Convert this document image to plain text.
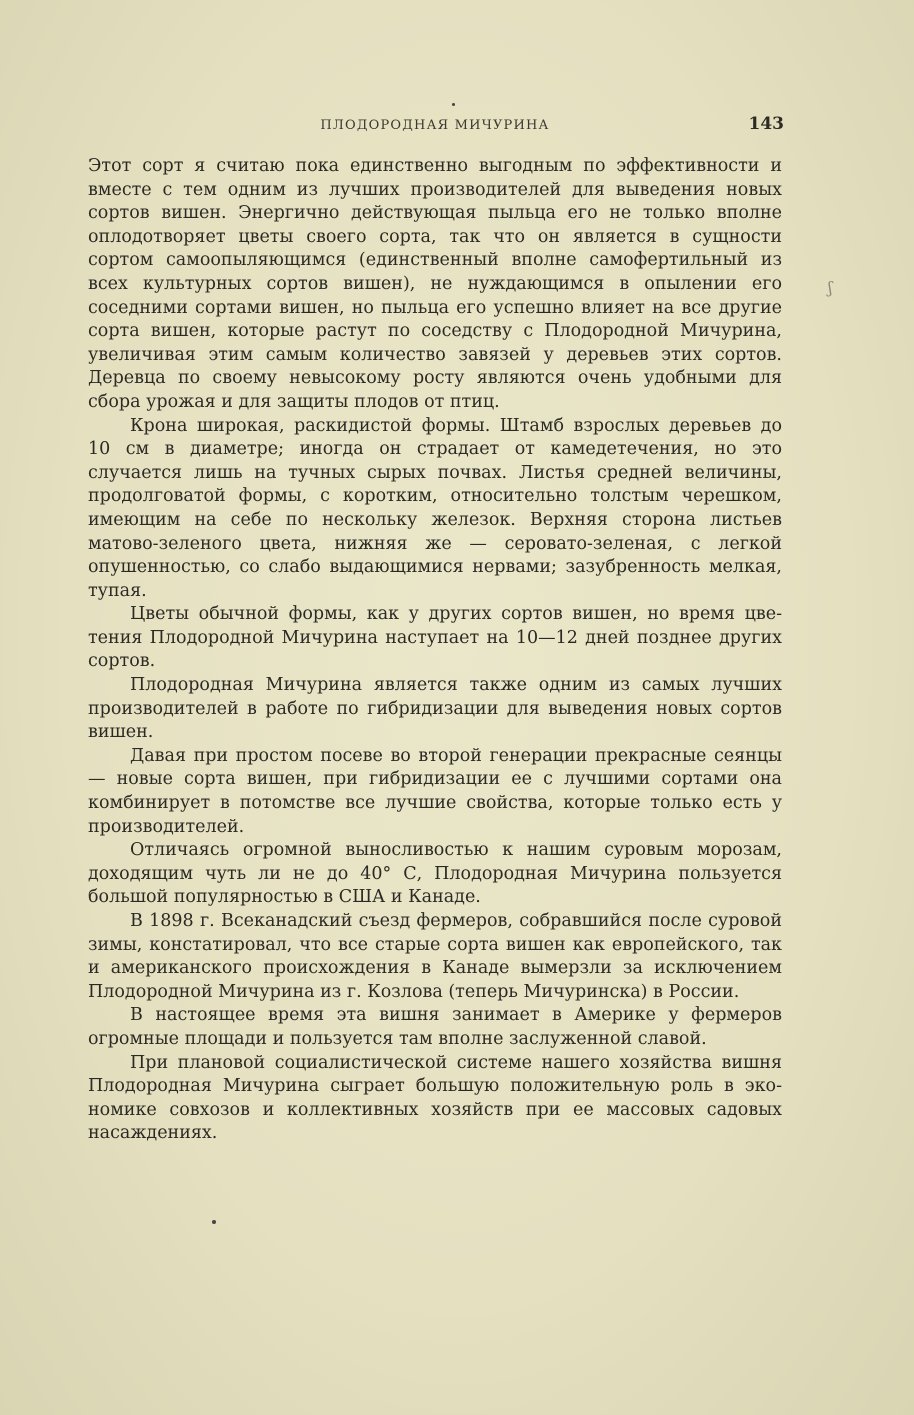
ПЛОДОРОДНАЯ МИЧУРИНА	143

Этот сорт я считаю пока единственно выгодным по эффективности и вместе с тем одним из лучших производителей для выведения новых сортов вишен. Энергично действующая пыльца его не только вполне оплодотворяет цветы своего сорта, так что он является в сущности сортом самоопыляющимся (единственный вполне самофертильный из всех культурных сортов вишен), не нуждающимся в опылении его соседними сортами вишен, но пыльца его успешно влияет на все другие сорта вишен, которые растут по соседству с Плодородной Мичурина, увеличивая этим самым количество завязей у деревьев этих сортов. Деревца по своему невысокому росту являются очень удобными для сбора урожая и для защиты плодов от птиц.

Крона широкая, раскидистой формы. Штамб взрослых деревьев до 10 см в диаметре; иногда он страдает от камедетечения, но это случается лишь на тучных сырых почвах. Листья средней величины, продолговатой формы, с коротким, относительно толстым черешком, имеющим на себе по нескольку железок. Верхняя сторона листьев матово-зеленого цвета, нижняя же — серовато-зеленая, с легкой опушенностью, со слабо выдающимися нервами; зазубренность мелкая, тупая.

Цветы обычной формы, как у других сортов вишен, но время цветения Плодородной Мичурина наступает на 10—12 дней позднее других сортов.

Плодородная Мичурина является также одним из самых лучших производителей в работе по гибридизации для выведения новых сортов вишен.

Давая при простом посеве во второй генерации прекрасные сеянцы — новые сорта вишен, при гибридизации ее с лучшими сортами она комбинирует в потомстве все лучшие свойства, которые только есть у производителей.

Отличаясь огромной выносливостью к нашим суровым морозам, доходящим чуть ли не до 40° С, Плодородная Мичурина пользуется большой популярностью в США и Канаде.

В 1898 г. Всеканадский съезд фермеров, собравшийся после суровой зимы, констатировал, что все старые сорта вишен как европейского, так и американского происхождения в Канаде вымерзли за исключением Плодородной Мичурина из г. Козлова (теперь Мичуринска) в России.

В настоящее время эта вишня занимает в Америке у фермеров огромные площади и пользуется там вполне заслуженной славой.

При плановой социалистической системе нашего хозяйства вишня Плодородная Мичурина сыграет большую положительную роль в экономике совхозов и коллективных хозяйств при ее массовых садовых насаждениях.

ʃ
